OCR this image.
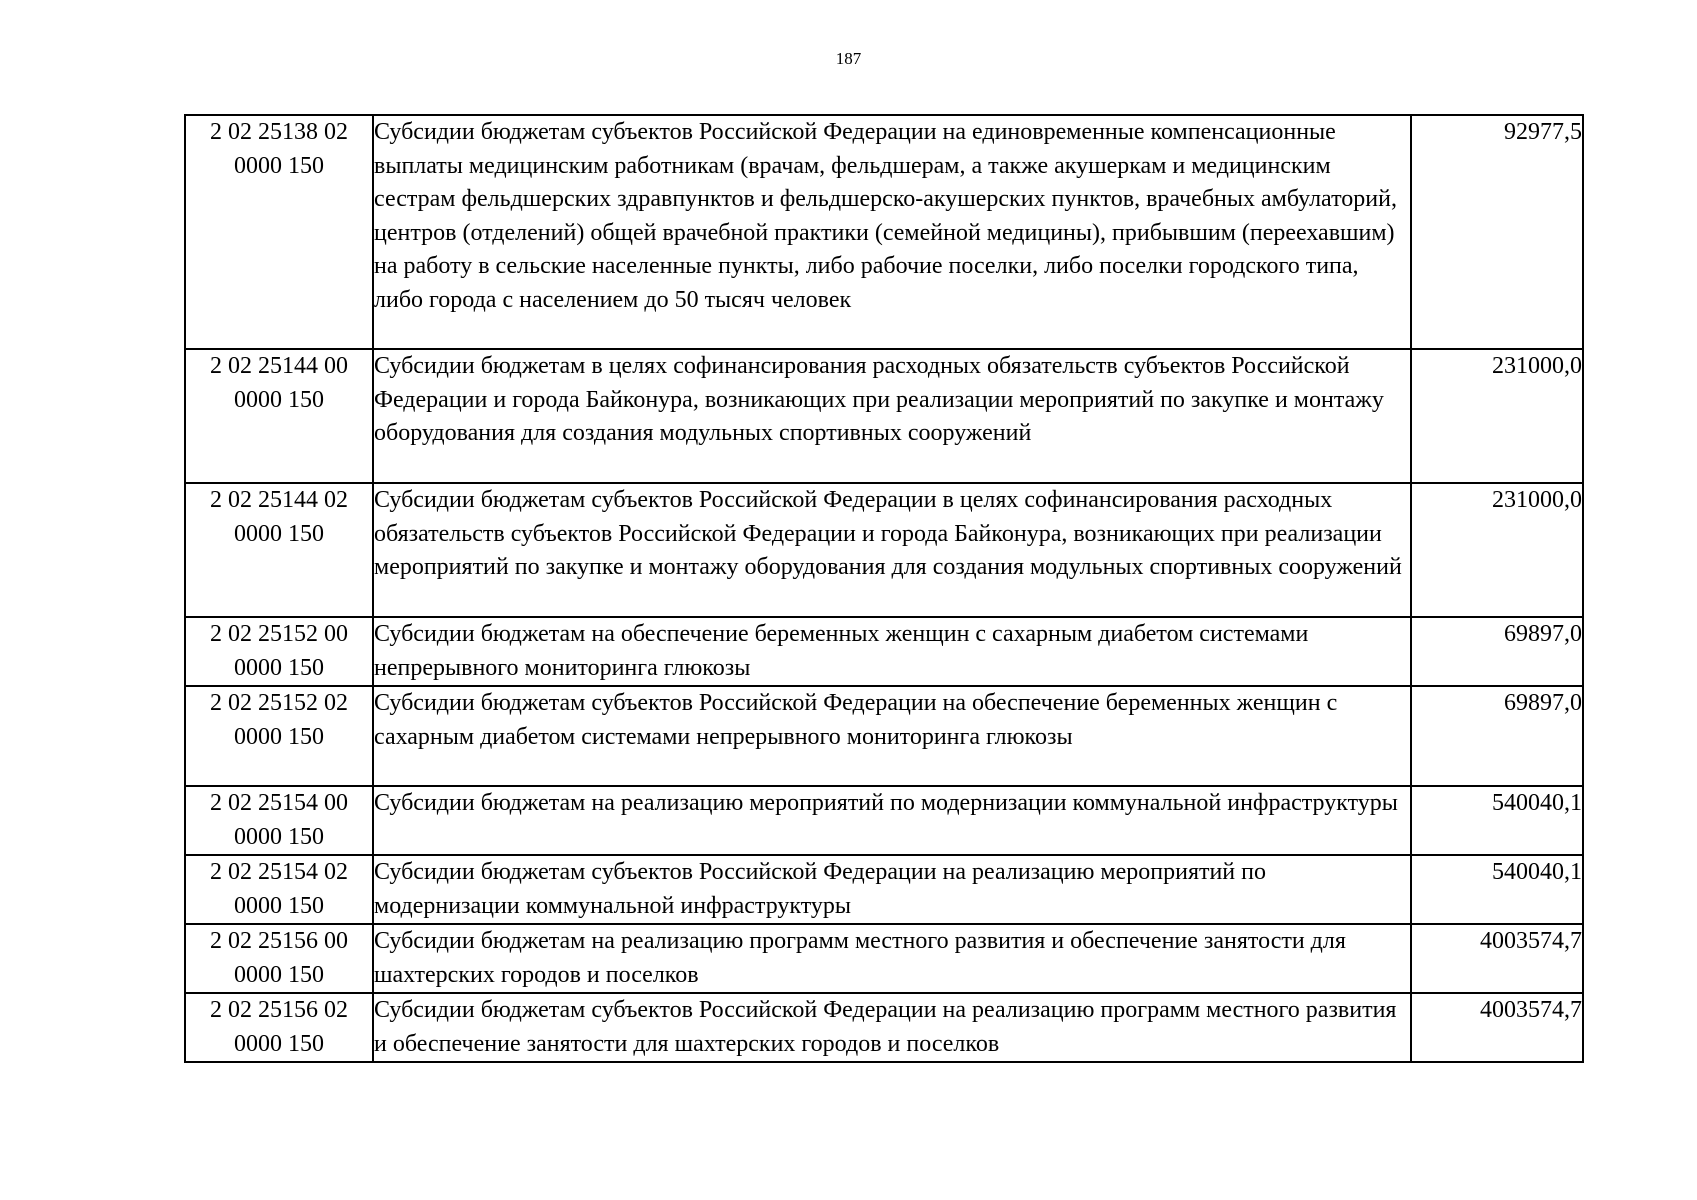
187
2 02 25138 02
0000 150	Субсидии бюджетам субъектов Российской Федерации на единовременные компенсационные выплаты медицинским работникам (врачам, фельдшерам, а также акушеркам и медицинским сестрам фельдшерских здравпунктов и фельдшерско-акушерских пунктов, врачебных амбулаторий, центров (отделений) общей врачебной практики (семейной медицины), прибывшим (переехавшим) на работу в сельские населенные пункты, либо рабочие поселки, либо поселки городского типа, либо города с населением до 50 тысяч человек	92977,5

2 02 25144 00
0000 150	Субсидии бюджетам в целях софинансирования расходных обязательств субъектов Российской Федерации и города Байконура, возникающих при реализации мероприятий по закупке и монтажу оборудования для создания модульных спортивных сооружений	231000,0

2 02 25144 02
0000 150	Субсидии бюджетам субъектов Российской Федерации в целях софинансирования расходных обязательств субъектов Российской Федерации и города Байконура, возникающих при реализации мероприятий по закупке и монтажу оборудования для создания модульных спортивных сооружений	231000,0

2 02 25152 00
0000 150	Субсидии бюджетам на обеспечение беременных женщин с сахарным диабетом системами непрерывного мониторинга глюкозы	69897,0

2 02 25152 02
0000 150	Субсидии бюджетам субъектов Российской Федерации на обеспечение беременных женщин с сахарным диабетом системами непрерывного мониторинга глюкозы	69897,0

2 02 25154 00
0000 150	Субсидии бюджетам на реализацию мероприятий по модернизации коммунальной инфраструктуры	540040,1

2 02 25154 02
0000 150	Субсидии бюджетам субъектов Российской Федерации на реализацию мероприятий по модернизации коммунальной инфраструктуры	540040,1

2 02 25156 00
0000 150	Субсидии бюджетам на реализацию программ местного развития и обеспечение занятости для шахтерских городов и поселков	4003574,7

2 02 25156 02
0000 150	Субсидии бюджетам субъектов Российской Федерации на реализацию программ местного развития и обеспечение занятости для шахтерских городов и поселков	4003574,7
